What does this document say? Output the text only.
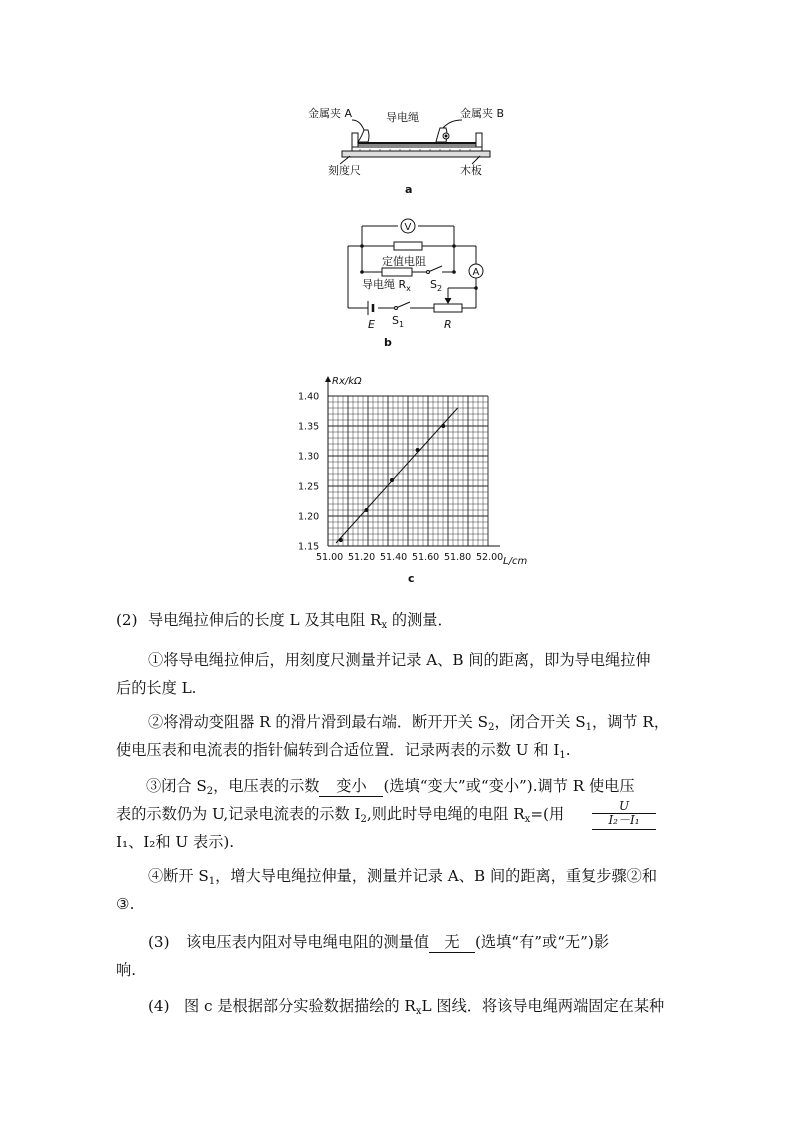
金属夹 A	导电绳	金属夹 B
刻度尺	木板
a
V
A
定值电阻
导电绳 $R_x$ $S_2$
E $S_1$	R
b
1.15
1.20
1.25
1.30
1.35
1.40
51.00 51.20 51.40 51.60 51.80 52.00
Rx/kΩ
L/cm
c
(2) 导电绳拉伸后的长度 L 及其电阻 $R_x$ 的测量．
①将导电绳拉伸后，用刻度尺测量并记录 A、B 间的距离，即为导电绳拉伸
后的长度 L.
②将滑动变阻器 R 的滑片滑到最右端．断开开关 $S_2$，闭合开关 $S_1$，调节 R，
使电压表和电流表的指针偏转到合适位置．记录两表的示数 U 和 $I_1$.
③闭合 $S_2$，电压表的示数 变小 (选填“变大”或“变小”).调节 R 使电压
表的示数仍为 U,记录电流表的示数 $I_2$,则此时导电绳的电阻 $R_x=$(用
I₁、I₂和 U 表示).
$\frac{U}{\text{I₂－I₁}}$
④断开 $S_1$，增大导电绳拉伸量，测量并记录 A、B 间的距离，重复步骤②和
③.
(3) 该电压表内阻对导电绳电阻的测量值 无 (选填“有”或“无”)影
响.
(4) 图 c 是根据部分实验数据描绘的 $R_xL$ 图线．将该导电绳两端固定在某种
